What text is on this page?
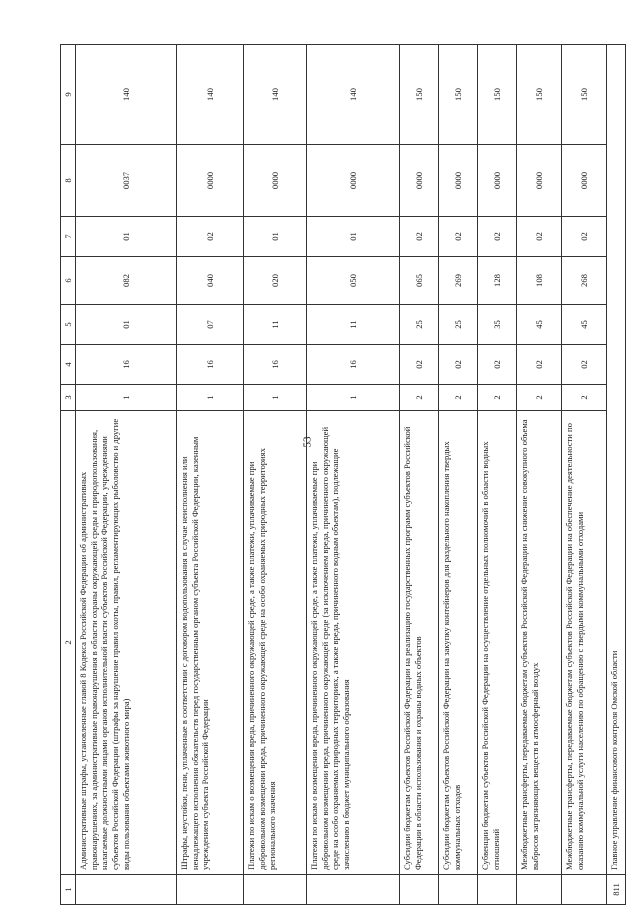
53
1	2	3	4	5	6	7	8	9
	Административные штрафы, установленные главой 8 Кодекса Российской Федерации об административных правонарушениях, за административные правонарушения в области охраны окружающей среды и природопользования, налагаемые должностными лицами органов исполнительной власти субъектов Российской Федерации, учреждениями субъектов Российской Федерации (штрафы за нарушение правил охоты, правил, регламентирующих рыболовство и другие виды пользования объектами животного мира)	1	16	01	082	01	0037	140
	Штрафы, неустойки, пени, уплаченные в соответствии с договором водопользования в случае неисполнения или ненадлежащего исполнения обязательств перед государственным органом субъекта Российской Федерации, казенным учреждением субъекта Российской Федерации	1	16	07	040	02	0000	140
	Платежи по искам о возмещении вреда, причиненного окружающей среде, а также платежи, уплачиваемые при добровольном возмещении вреда, причиненного окружающей среде на особо охраняемых природных территориях регионального значения	1	16	11	020	01	0000	140
	Платежи по искам о возмещении вреда, причиненного окружающей среде, а также платежи, уплачиваемые при добровольном возмещении вреда, причиненного окружающей среде (за исключением вреда, причиненного окружающей среде на особо охраняемых природных территориях, а также вреда, причиненного водным объектам), подлежащие зачислению в бюджет муниципального образования	1	16	11	050	01	0000	140
	Субсидии бюджетам субъектов Российской Федерации на реализацию государственных программ субъектов Российской Федерации в области использования и охраны водных объектов	2	02	25	065	02	0000	150
	Субсидии бюджетам субъектов Российской Федерации на закупку контейнеров для раздельного накопления твердых коммунальных отходов	2	02	25	269	02	0000	150
	Субвенции бюджетам субъектов Российской Федерации на осуществление отдельных полномочий в области водных отношений	2	02	35	128	02	0000	150
	Межбюджетные трансферты, передаваемые бюджетам субъектов Российской Федерации на снижение совокупного объема выбросов загрязняющих веществ в атмосферный воздух	2	02	45	108	02	0000	150
	Межбюджетные трансферты, передаваемые бюджетам субъектов Российской Федерации на обеспечение деятельности по оказанию коммунальной услуги населению по обращению с твердыми коммунальными отходами	2	02	45	268	02	0000	150
811	Главное управление финансового контроля Омской области							
